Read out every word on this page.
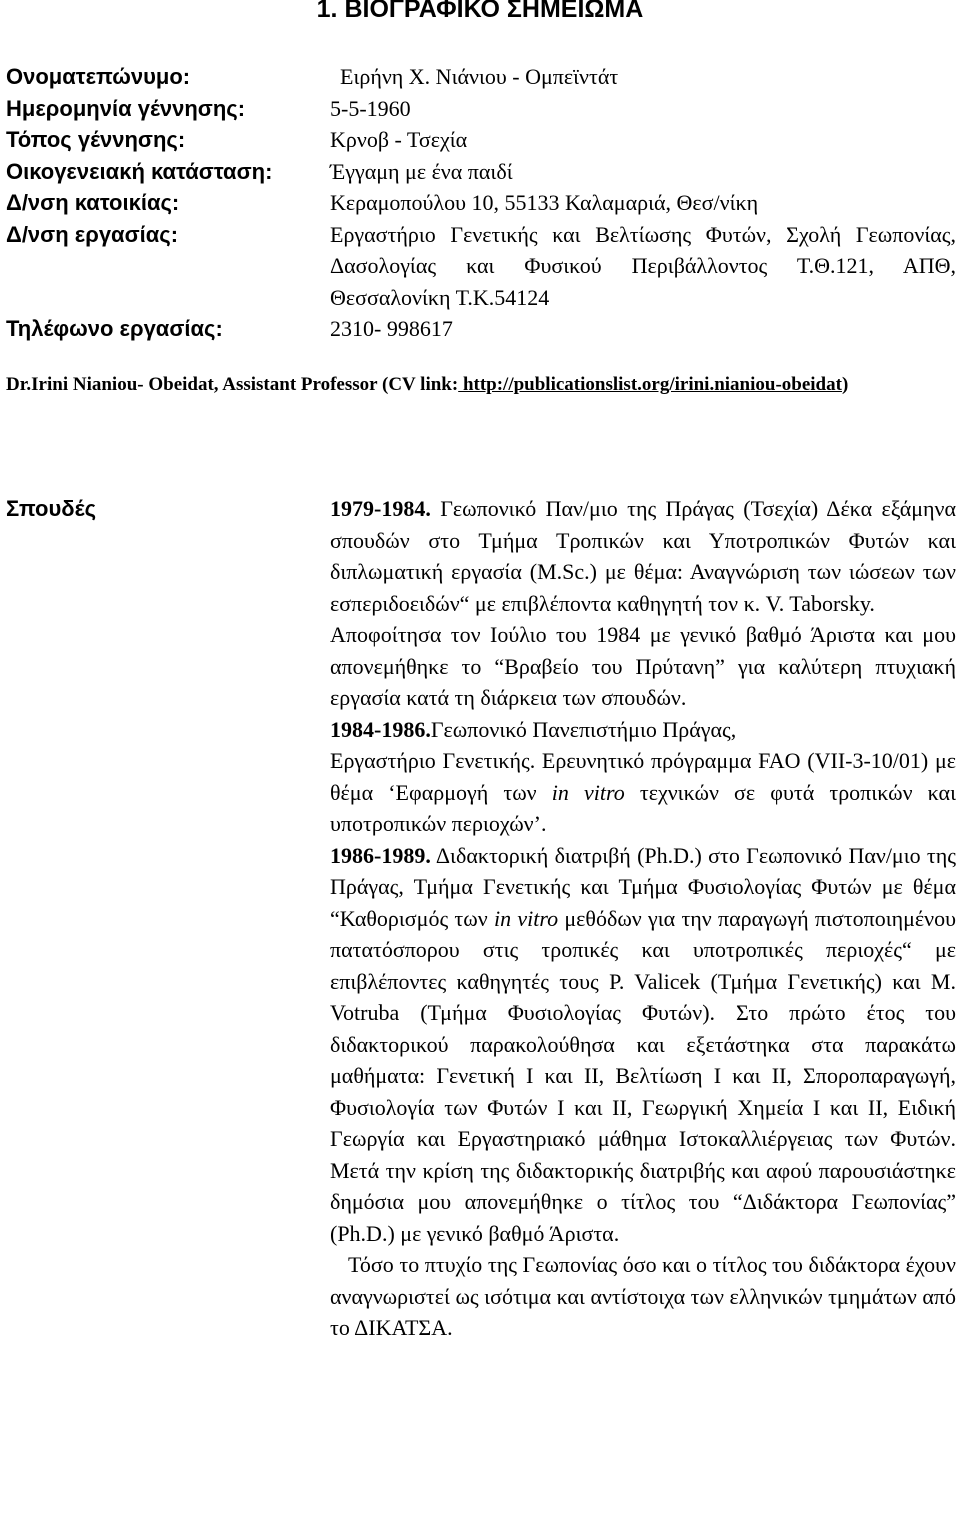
1. ΒΙΟΓΡΑΦΙΚΟ ΣΗΜΕΙΩΜΑ
Ονοματεπώνυμο:	Ειρήνη Χ. Νιάνιου - Ομπεϊντάτ
Ημερομηνία γέννησης:	5-5-1960
Τόπος γέννησης:	Κρνοβ - Τσεχία
Οικογενειακή κατάσταση:	Έγγαμη με ένα παιδί
Δ/νση κατοικίας:	Κεραμοπούλου 10, 55133 Καλαμαριά, Θεσ/νίκη
Δ/νση εργασίας:	Εργαστήριο Γενετικής και Βελτίωσης Φυτών, Σχολή Γεωπονίας, Δασολογίας και Φυσικού Περιβάλλοντος Τ.Θ.121, ΑΠΘ, Θεσσαλονίκη Τ.Κ.54124
Τηλέφωνο εργασίας:	2310- 998617
Dr.Irini Nianiou- Obeidat, Assistant Professor (CV link: http://publicationslist.org/irini.nianiou-obeidat)
Σπουδές	1979-1984. Γεωπονικό Παν/μιο της Πράγας (Τσεχία) Δέκα εξάμηνα σπουδών στο Τμήμα Τροπικών και Υποτροπικών Φυτών και διπλωματική εργασία (M.Sc.) με θέμα: Αναγνώριση των ιώσεων των εσπεριδοειδών“ με επιβλέποντα καθηγητή τον κ. V. Taborsky.

Αποφοίτησα τον Ιούλιο του 1984 με γενικό βαθμό Άριστα και μου απονεμήθηκε το “Βραβείο του Πρύτανη” για καλύτερη πτυχιακή εργασία κατά τη διάρκεια των σπουδών.

1984-1986.Γεωπονικό Πανεπιστήμιο Πράγας,
Εργαστήριο Γενετικής. Ερευνητικό πρόγραμμα FAO (VII-3-10/01) με θέμα ‘Εφαρμογή των in vitro τεχνικών σε φυτά τροπικών και υποτροπικών περιοχών’.

1986-1989. Διδακτορική διατριβή (Ph.D.) στο Γεωπονικό Παν/μιο της Πράγας, Τμήμα Γενετικής και Τμήμα Φυσιολογίας Φυτών με θέμα “Καθορισμός των in vitro μεθόδων για την παραγωγή πιστοποιημένου πατατόσπορου στις τροπικές και υποτροπικές περιοχές“ με επιβλέποντες καθηγητές τους P. Valicek (Τμήμα Γενετικής) και Μ. Votruba (Τμήμα Φυσιολογίας Φυτών). Στο πρώτο έτος του διδακτορικού παρακολούθησα και εξετάστηκα στα παρακάτω μαθήματα: Γενετική Ι και ΙΙ, Βελτίωση Ι και ΙΙ, Σποροπαραγωγή, Φυσιολογία των Φυτών Ι και ΙΙ, Γεωργική Χημεία Ι και ΙΙ, Ειδική Γεωργία και Εργαστηριακό μάθημα Ιστοκαλλιέργειας των Φυτών. Μετά την κρίση της διδακτορικής διατριβής και αφού παρουσιάστηκε δημόσια μου απονεμήθηκε ο τίτλος του “Διδάκτορα Γεωπονίας” (Ph.D.) με γενικό βαθμό Άριστα.

Τόσο το πτυχίο της Γεωπονίας όσο και ο τίτλος του διδάκτορα έχουν αναγνωριστεί ως ισότιμα και αντίστοιχα των ελληνικών τμημάτων από το ΔΙΚΑΤΣΑ.
